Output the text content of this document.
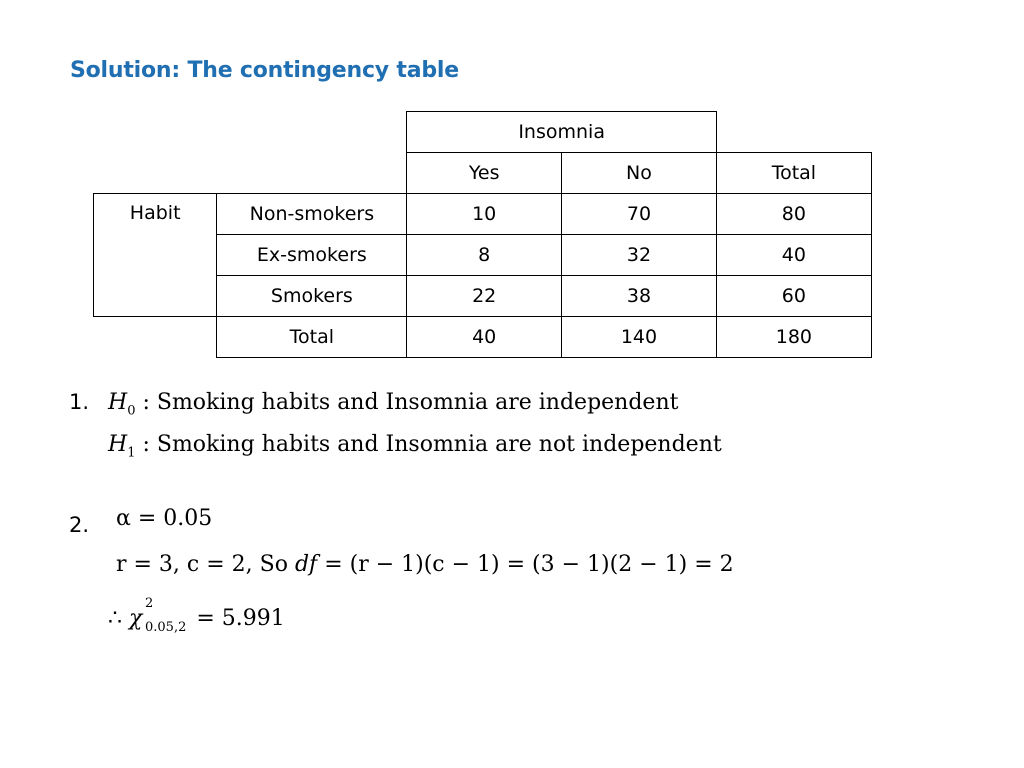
Solution: The contingency table
		Insomnia		
		Yes	No	Total
Habit	Non-smokers	10	70	80
	Ex-smokers	8	32	40
	Smokers	22	38	60
	Total	40	140	180
1. $H_0$ : Smoking habits and Insomnia are independent
$H_1$ : Smoking habits and Insomnia are not independent
2. α = 0.05
r = 3, c = 2, So df = (r − 1)(c − 1) = (3 − 1)(2 − 1) = 2
∴ χ
2
0.05,2 = 5.991
